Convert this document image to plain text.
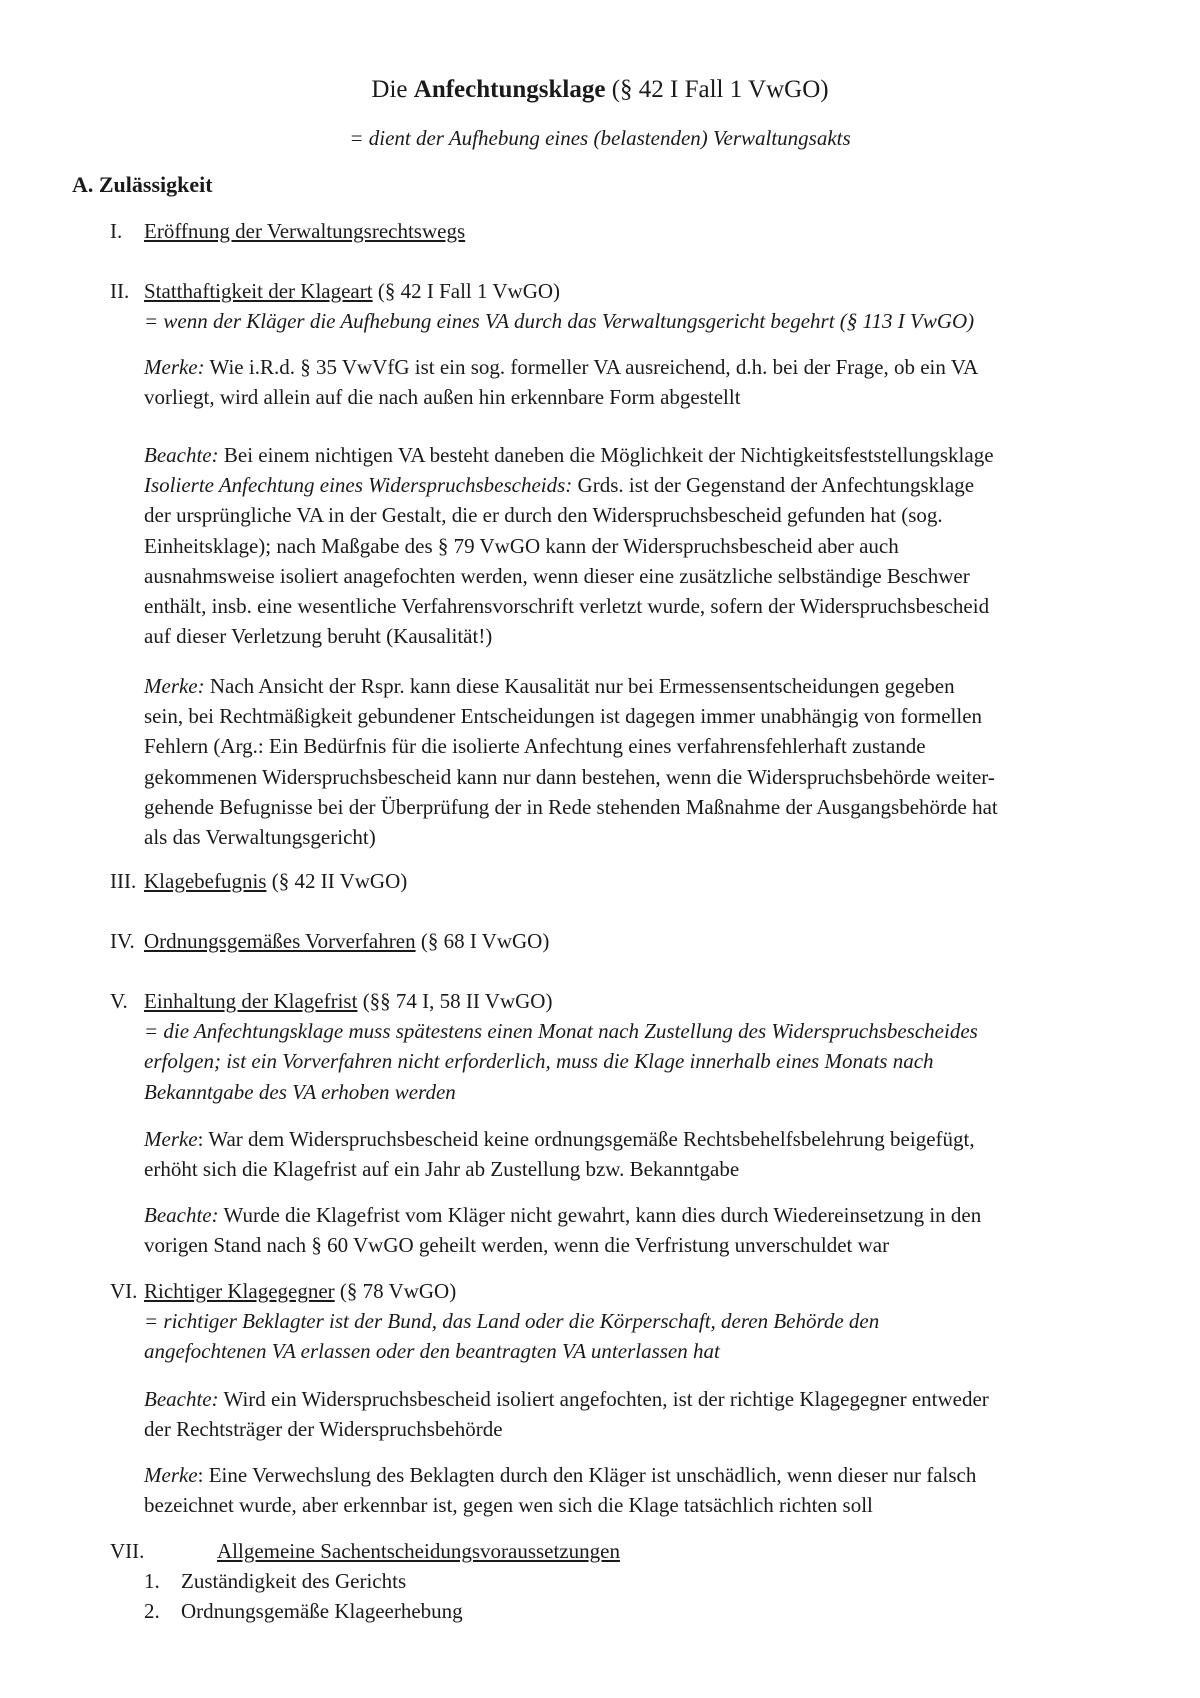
Die Anfechtungsklage (§ 42 I Fall 1 VwGO)
= dient der Aufhebung eines (belastenden) Verwaltungsakts
A. Zulässigkeit
I. Eröffnung der Verwaltungsrechtswegs
II. Statthaftigkeit der Klageart (§ 42 I Fall 1 VwGO)
= wenn der Kläger die Aufhebung eines VA durch das Verwaltungsgericht begehrt (§ 113 I VwGO)
Merke: Wie i.R.d. § 35 VwVfG ist ein sog. formeller VA ausreichend, d.h. bei der Frage, ob ein VA
vorliegt, wird allein auf die nach außen hin erkennbare Form abgestellt
Beachte: Bei einem nichtigen VA besteht daneben die Möglichkeit der Nichtigkeitsfeststellungsklage
Isolierte Anfechtung eines Widerspruchsbescheids: Grds. ist der Gegenstand der Anfechtungsklage
der ursprüngliche VA in der Gestalt, die er durch den Widerspruchsbescheid gefunden hat (sog.
Einheitsklage); nach Maßgabe des § 79 VwGO kann der Widerspruchsbescheid aber auch
ausnahmsweise isoliert anagefochten werden, wenn dieser eine zusätzliche selbständige Beschwer
enthält, insb. eine wesentliche Verfahrensvorschrift verletzt wurde, sofern der Widerspruchsbescheid
auf dieser Verletzung beruht (Kausalität!)
Merke: Nach Ansicht der Rspr. kann diese Kausalität nur bei Ermessensentscheidungen gegeben
sein, bei Rechtmäßigkeit gebundener Entscheidungen ist dagegen immer unabhängig von formellen
Fehlern (Arg.: Ein Bedürfnis für die isolierte Anfechtung eines verfahrensfehlerhaft zustande
gekommenen Widerspruchsbescheid kann nur dann bestehen, wenn die Widerspruchsbehörde weiter-
gehende Befugnisse bei der Überprüfung der in Rede stehenden Maßnahme der Ausgangsbehörde hat
als das Verwaltungsgericht)
III. Klagebefugnis (§ 42 II VwGO)
IV. Ordnungsgemäßes Vorverfahren (§ 68 I VwGO)
V. Einhaltung der Klagefrist (§§ 74 I, 58 II VwGO)
= die Anfechtungsklage muss spätestens einen Monat nach Zustellung des Widerspruchsbescheides
erfolgen; ist ein Vorverfahren nicht erforderlich, muss die Klage innerhalb eines Monats nach
Bekanntgabe des VA erhoben werden
Merke: War dem Widerspruchsbescheid keine ordnungsgemäße Rechtsbehelfsbelehrung beigefügt,
erhöht sich die Klagefrist auf ein Jahr ab Zustellung bzw. Bekanntgabe
Beachte: Wurde die Klagefrist vom Kläger nicht gewahrt, kann dies durch Wiedereinsetzung in den
vorigen Stand nach § 60 VwGO geheilt werden, wenn die Verfristung unverschuldet war
VI. Richtiger Klagegegner (§ 78 VwGO)
= richtiger Beklagter ist der Bund, das Land oder die Körperschaft, deren Behörde den
angefochtenen VA erlassen oder den beantragten VA unterlassen hat
Beachte: Wird ein Widerspruchsbescheid isoliert angefochten, ist der richtige Klagegegner entweder
der Rechtsträger der Widerspruchsbehörde
Merke: Eine Verwechslung des Beklagten durch den Kläger ist unschädlich, wenn dieser nur falsch
bezeichnet wurde, aber erkennbar ist, gegen wen sich die Klage tatsächlich richten soll
VII.	Allgemeine Sachentscheidungsvoraussetzungen
1. Zuständigkeit des Gerichts
2. Ordnungsgemäße Klageerhebung
